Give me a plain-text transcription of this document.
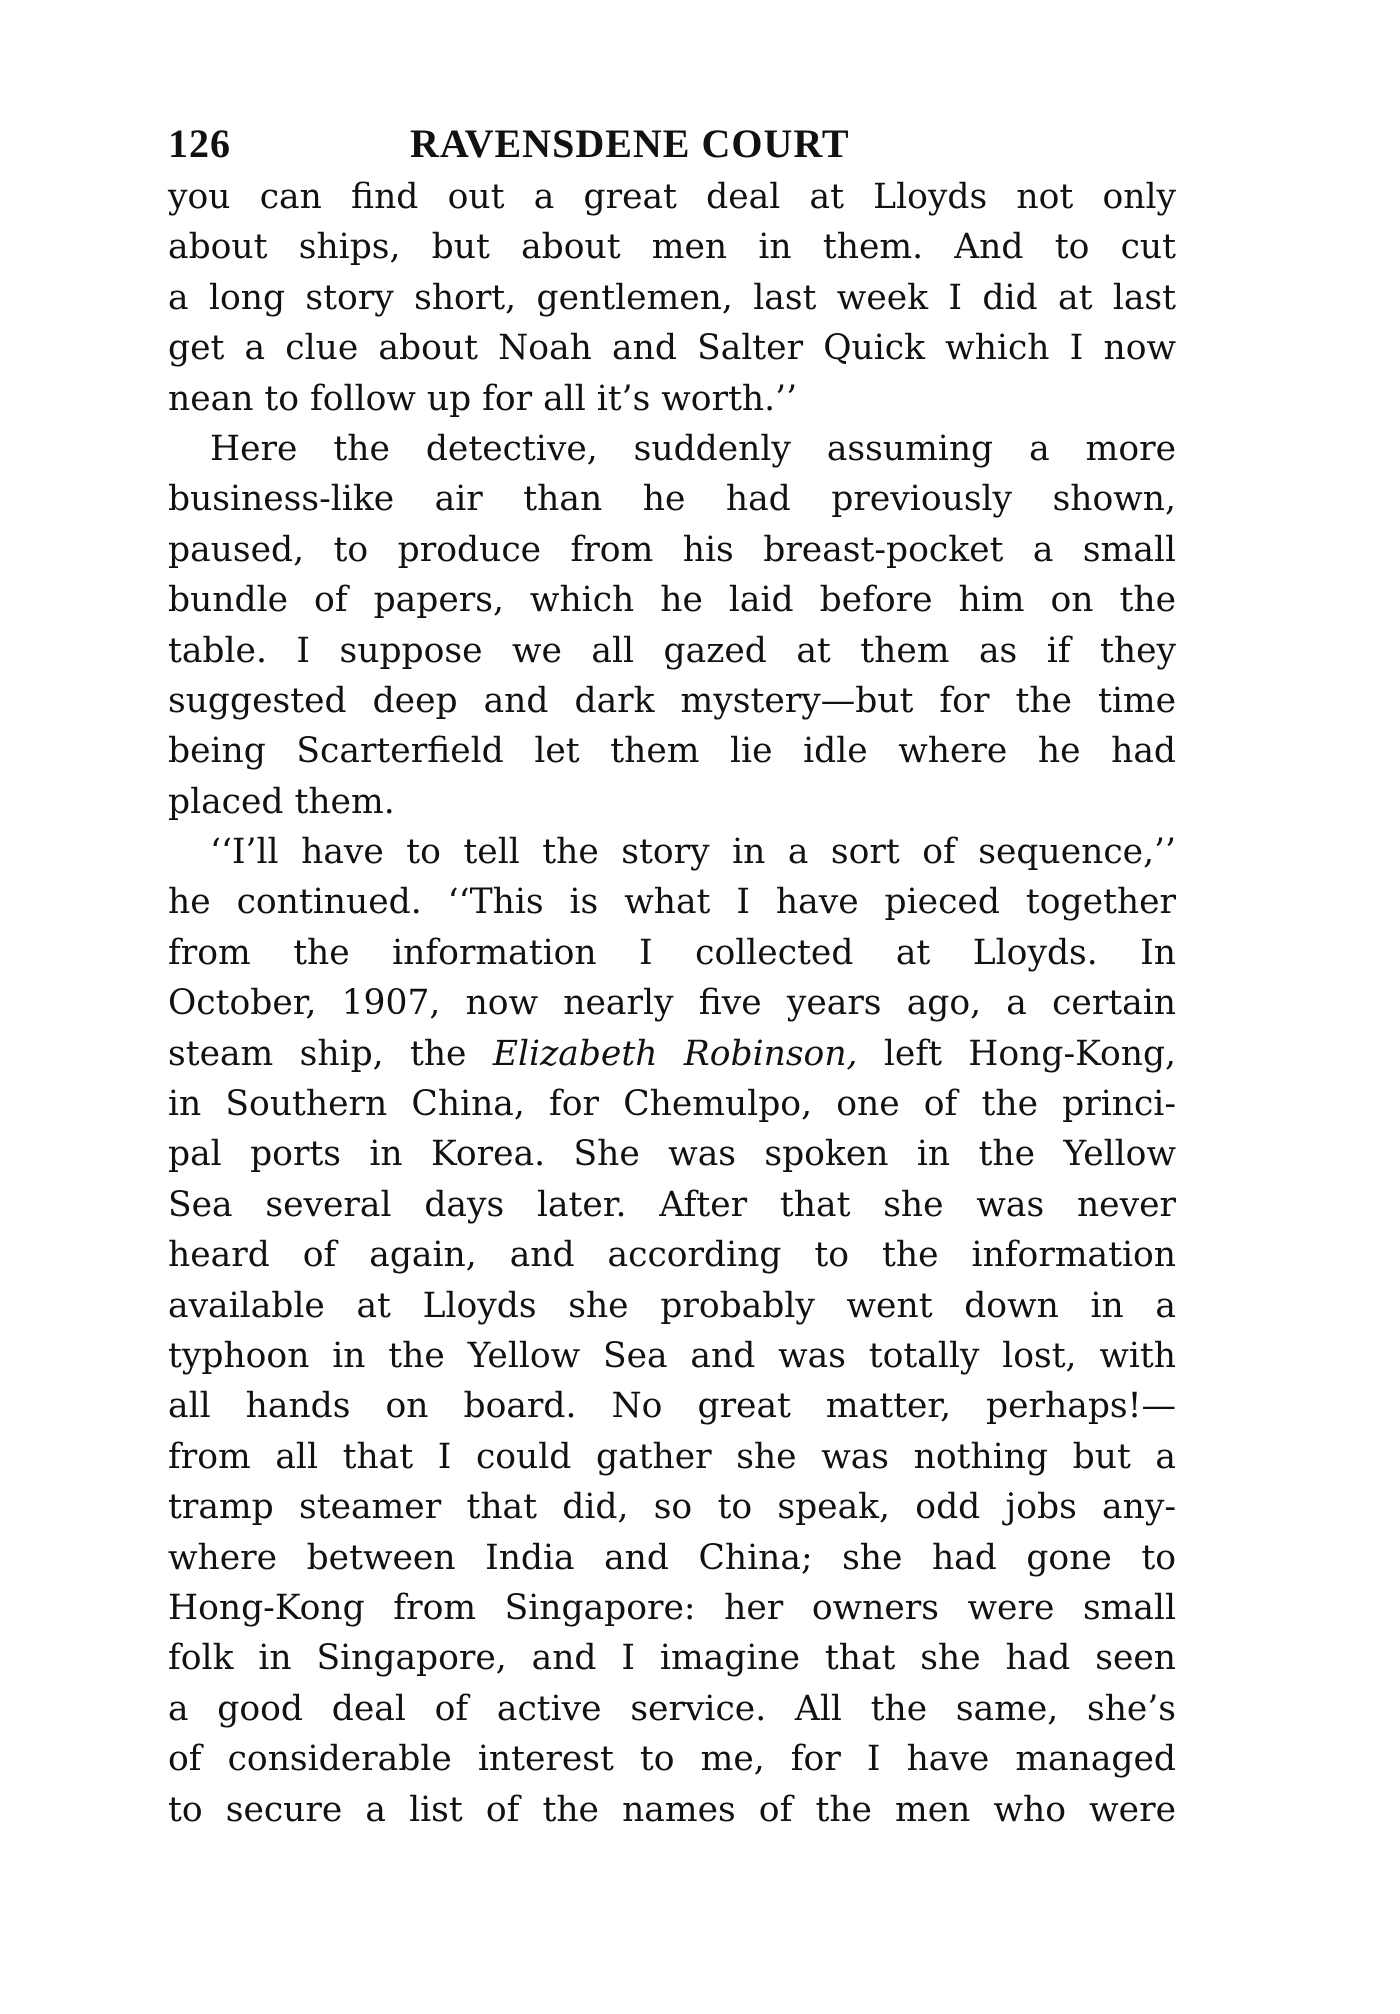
126	RAVENSDENE COURT
you can find out a great deal at Lloyds not only
about ships, but about men in them. And to cut
a long story short, gentlemen, last week I did at last
get a clue about Noah and Salter Quick which I now
nean to follow up for all it’s worth.’’
Here the detective, suddenly assuming a more
business-like air than he had previously shown,
paused, to produce from his breast-pocket a small
bundle of papers, which he laid before him on the
table. I suppose we all gazed at them as if they
suggested deep and dark mystery—but for the time
being Scarterfield let them lie idle where he had
placed them.
‘‘I’ll have to tell the story in a sort of sequence,’’
he continued. ‘‘This is what I have pieced together
from the information I collected at Lloyds. In
October, 1907, now nearly five years ago, a certain
steam ship, the Elizabeth Robinson, left Hong-Kong,
in Southern China, for Chemulpo, one of the princi-
pal ports in Korea. She was spoken in the Yellow
Sea several days later. After that she was never
heard of again, and according to the information
available at Lloyds she probably went down in a
typhoon in the Yellow Sea and was totally lost, with
all hands on board. No great matter, perhaps!—
from all that I could gather she was nothing but a
tramp steamer that did, so to speak, odd jobs any-
where between India and China; she had gone to
Hong-Kong from Singapore: her owners were small
folk in Singapore, and I imagine that she had seen
a good deal of active service. All the same, she’s
of considerable interest to me, for I have managed
to secure a list of the names of the men who were
